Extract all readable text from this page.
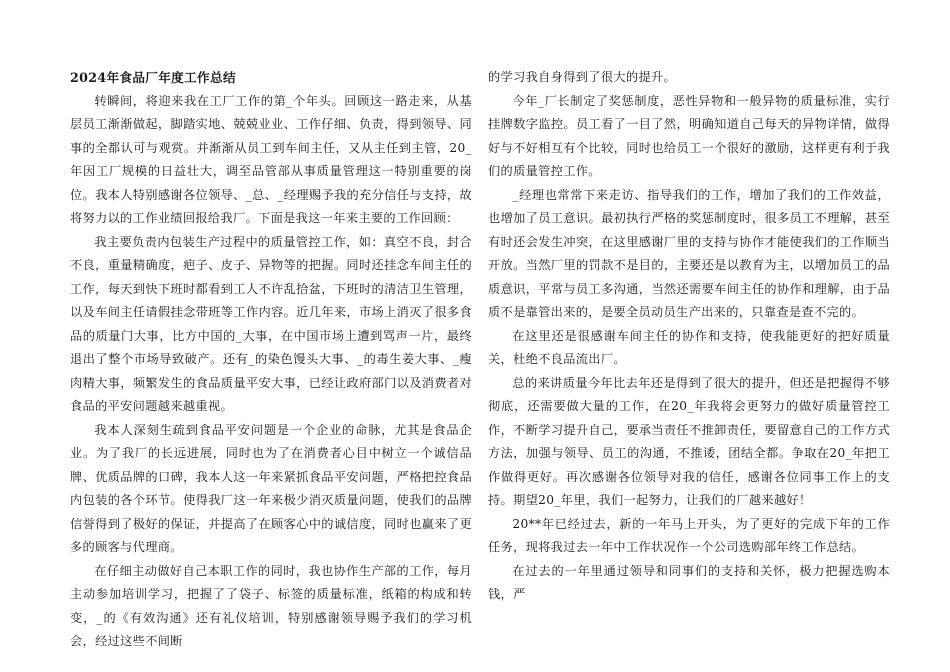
2024年食品厂年度工作总结

转瞬间，将迎来我在工厂工作的第_个年头。回顾这一路走来，从基层员工渐渐做起，脚踏实地、兢兢业业、工作仔细、负责，得到领导、同事的全都认可与观赏。并渐渐从员工到车间主任，又从主任到主管，20_年因工厂规模的日益壮大，调至品管部从事质量管理这一特别重要的岗位。我本人特别感谢各位领导、_总、_经理赐予我的充分信任与支持，故将努力以的工作业绩回报给我厂。下面是我这一年来主要的工作回顾：

我主要负责内包装生产过程中的质量管控工作，如：真空不良，封合不良，重量精确度，疤子、皮子、异物等的把握。同时还挂念车间主任的工作，每天到快下班时都看到工人不许乱拾盆，下班时的清洁卫生管理，以及车间主任请假挂念带班等工作内容。近几年来，市场上消灭了很多食品的质量门大事，比方中国的_大事，在中国市场上遭到骂声一片，最终退出了整个市场导致破产。还有_的染色馒头大事、_的毒生姜大事、_瘦肉精大事，频繁发生的食品质量平安大事，已经让政府部门以及消费者对食品的平安问题越来越重视。

我本人深刻生疏到食品平安问题是一个企业的命脉，尤其是食品企业。为了我厂的长远进展，同时也为了在消费者心目中树立一个诚信品牌、优质品牌的口碑，我本人这一年来紧抓食品平安问题，严格把控食品内包装的各个环节。使得我厂这一年来极少消灭质量问题，使我们的品牌信誉得到了极好的保证，并提高了在顾客心中的诚信度，同时也赢来了更多的顾客与代理商。

在仔细主动做好自己本职工作的同时，我也协作生产部的工作，每月主动参加培训学习，把握了了袋子、标签的质量标准，纸箱的构成和转变，_的《有效沟通》还有礼仪培训，特别感谢领导赐予我们的学习机会，经过这些不间断

的学习我自身得到了很大的提升。

今年_厂长制定了奖惩制度，恶性异物和一般异物的质量标准，实行挂牌数字监控。员工看了一目了然，明确知道自己每天的异物详情，做得好与不好相互有个比较，同时也给员工一个很好的激励，这样更有利于我们的质量管控工作。

_经理也常常下来走访、指导我们的工作，增加了我们的工作效益，也增加了员工意识。最初执行严格的奖惩制度时，很多员工不理解，甚至有时还会发生冲突，在这里感谢厂里的支持与协作才能使我们的工作顺当开放。当然厂里的罚款不是目的，主要还是以教育为主，以增加员工的品质意识，平常与员工多沟通，当然还需要车间主任的协作和理解，由于品质不是靠管出来的，是要全员动员生产出来的，只靠查是查不完的。

在这里还是很感谢车间主任的协作和支持，使我能更好的把好质量关，杜绝不良品流出厂。

总的来讲质量今年比去年还是得到了很大的提升，但还是把握得不够彻底，还需要做大量的工作，在20_年我将会更努力的做好质量管控工作，不断学习提升自己，要承当责任不推卸责任，要留意自己的工作方式方法，加强与领导、员工的沟通，不推诿，团结全都。争取在20_年把工作做得更好。再次感谢各位领导对我的信任，感谢各位同事工作上的支持。期望20_年里，我们一起努力，让我们的厂越来越好！

20**年已经过去，新的一年马上开头，为了更好的完成下年的工作任务，现将我过去一年中工作状况作一个公司选购部年终工作总结。

在过去的一年里通过领导和同事们的支持和关怀，极力把握选购本钱，严
